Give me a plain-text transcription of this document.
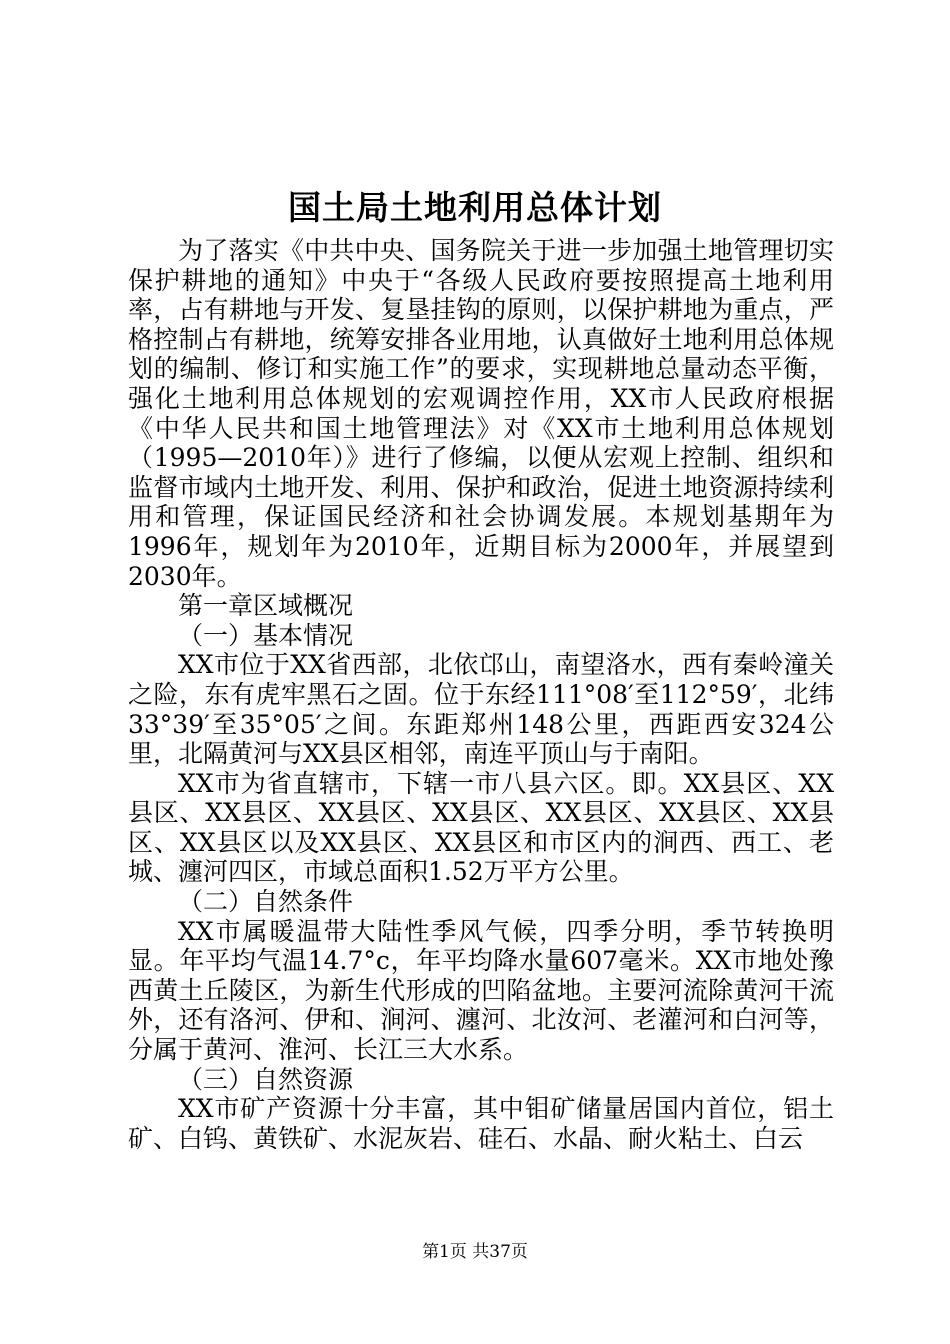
国土局土地利用总体计划

为了落实《中共中央、国务院关于进一步加强土地管理切实保护耕地的通知》中央于“各级人民政府要按照提高土地利用率，占有耕地与开发、复垦挂钩的原则，以保护耕地为重点，严格控制占有耕地，统筹安排各业用地，认真做好土地利用总体规划的编制、修订和实施工作”的要求，实现耕地总量动态平衡，强化土地利用总体规划的宏观调控作用，XX市人民政府根据《中华人民共和国土地管理法》对《XX市土地利用总体规划（1995—2010年）》进行了修编，以便从宏观上控制、组织和监督市域内土地开发、利用、保护和政治，促进土地资源持续利用和管理，保证国民经济和社会协调发展。本规划基期年为1996年，规划年为2010年，近期目标为2000年，并展望到2030年。

第一章区域概况

（一）基本情况

XX市位于XX省西部，北依邙山，南望洛水，西有秦岭潼关之险，东有虎牢黑石之固。位于东经111°08′至112°59′，北纬33°39′至35°05′之间。东距郑州148公里，西距西安324公里，北隔黄河与XX县区相邻，南连平顶山与于南阳。

XX市为省直辖市，下辖一市八县六区。即。XX县区、XX县区、XX县区、XX县区、XX县区、XX县区、XX县区、XX县区、XX县区以及XX县区、XX县区和市区内的涧西、西工、老城、瀍河四区，市域总面积1.52万平方公里。

（二）自然条件

XX市属暖温带大陆性季风气候，四季分明，季节转换明显。年平均气温14.7°c，年平均降水量607毫米。XX市地处豫西黄土丘陵区，为新生代形成的凹陷盆地。主要河流除黄河干流外，还有洛河、伊和、涧河、瀍河、北汝河、老灌河和白河等，分属于黄河、淮河、长江三大水系。

（三）自然资源

XX市矿产资源十分丰富，其中钼矿储量居国内首位，铝土矿、白钨、黄铁矿、水泥灰岩、硅石、水晶、耐火粘土、白云

第1页 共37页
